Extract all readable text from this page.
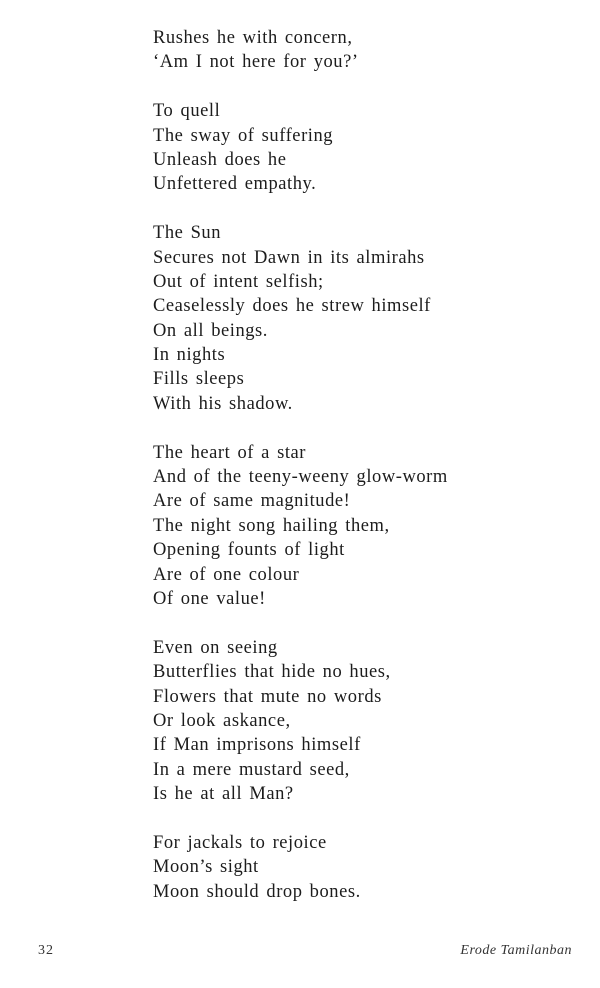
Rushes he with concern,
‘Am I not here for you?’
To quell
The sway of suffering
Unleash does he
Unfettered empathy.
The Sun
Secures not Dawn in its almirahs
Out of intent selfish;
Ceaselessly does he strew himself
On all beings.
In nights
Fills sleeps
With his shadow.
The heart of a star
And of the teeny-weeny glow-worm
Are of same magnitude!
The night song hailing them,
Opening founts of light
Are of one colour
Of one value!
Even on seeing
Butterflies that hide no hues,
Flowers that mute no words
Or look askance,
If Man imprisons himself
In a mere mustard seed,
Is he at all Man?
For jackals to rejoice
Moon’s sight
Moon should drop bones.
32	Erode Tamilanban
